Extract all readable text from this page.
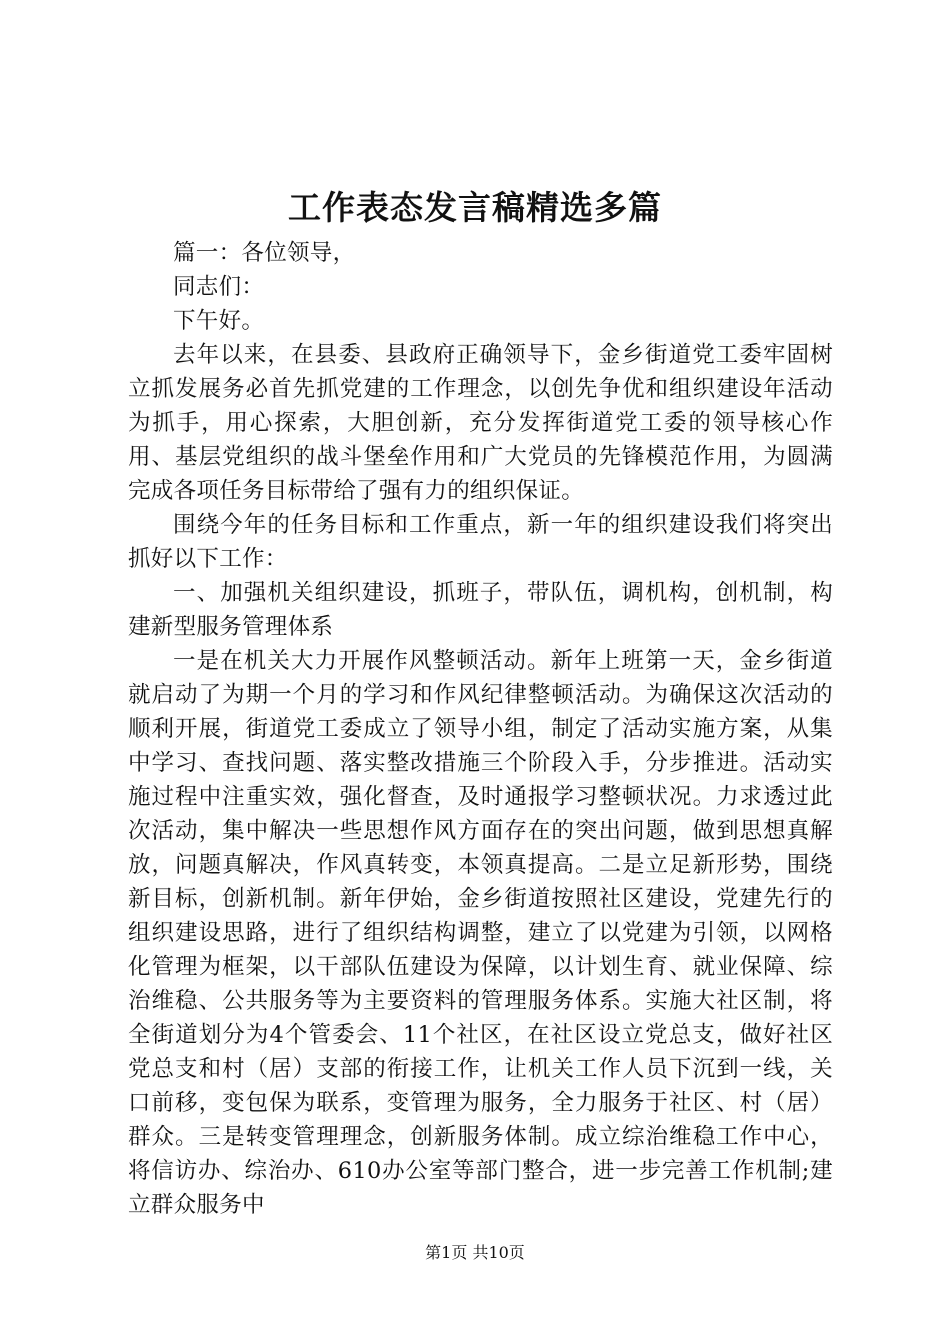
工作表态发言稿精选多篇

篇一：各位领导，

同志们：

下午好。

去年以来，在县委、县政府正确领导下，金乡街道党工委牢固树立抓发展务必首先抓党建的工作理念，以创先争优和组织建设年活动为抓手，用心探索，大胆创新，充分发挥街道党工委的领导核心作用、基层党组织的战斗堡垒作用和广大党员的先锋模范作用，为圆满完成各项任务目标带给了强有力的组织保证。

围绕今年的任务目标和工作重点，新一年的组织建设我们将突出抓好以下工作：

一、加强机关组织建设，抓班子，带队伍，调机构，创机制，构建新型服务管理体系

一是在机关大力开展作风整顿活动。新年上班第一天，金乡街道就启动了为期一个月的学习和作风纪律整顿活动。为确保这次活动的顺利开展，街道党工委成立了领导小组，制定了活动实施方案，从集中学习、查找问题、落实整改措施三个阶段入手，分步推进。活动实施过程中注重实效，强化督查，及时通报学习整顿状况。力求透过此次活动，集中解决一些思想作风方面存在的突出问题，做到思想真解放，问题真解决，作风真转变，本领真提高。二是立足新形势，围绕新目标，创新机制。新年伊始，金乡街道按照社区建设，党建先行的组织建设思路，进行了组织结构调整，建立了以党建为引领，以网格化管理为框架，以干部队伍建设为保障，以计划生育、就业保障、综治维稳、公共服务等为主要资料的管理服务体系。实施大社区制，将全街道划分为4个管委会、11个社区，在社区设立党总支，做好社区党总支和村（居）支部的衔接工作，让机关工作人员下沉到一线，关口前移，变包保为联系，变管理为服务，全力服务于社区、村（居）群众。三是转变管理理念，创新服务体制。成立综治维稳工作中心，将信访办、综治办、610办公室等部门整合，进一步完善工作机制;建立群众服务中

第1页 共10页
